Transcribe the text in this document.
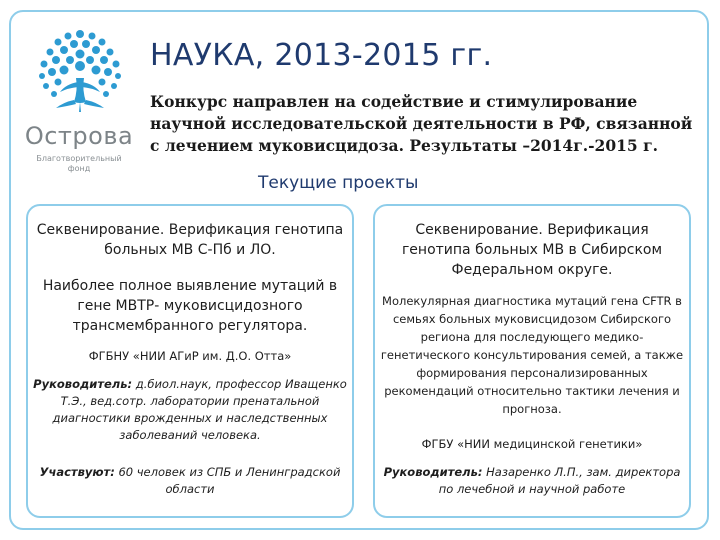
Острова
Благотворительный фонд
НАУКА, 2013-2015 гг.
Конкурс направлен на содействие и стимулирование научной исследовательской деятельности в РФ, связанной с лечением муковисцидоза. Результаты –2014г.-2015 г.
Текущие проекты
Секвенирование. Верификация генотипа больных МВ С-Пб и ЛО.
Наиболее полное выявление мутаций в гене МВТР- муковисцидозного трансмембранного регулятора.
ФГБНУ «НИИ АГиР им. Д.О. Отта»
Руководитель: д.биол.наук, профессор Иващенко Т.Э., вед.сотр. лаборатории пренатальной диагностики врожденных и наследственных заболеваний человека.
Участвуют: 60 человек из СПБ и Ленинградской области
Секвенирование. Верификация генотипа больных МВ в Сибирском Федеральном округе.
Молекулярная диагностика мутаций гена CFTR в семьях больных муковисцидозом Сибирского региона для последующего медико-генетического консультирования семей, а также формирования персонализированных рекомендаций относительно тактики лечения и прогноза.
ФГБУ «НИИ медицинской генетики»
Руководитель: Назаренко Л.П., зам. директора по лечебной и научной работе
